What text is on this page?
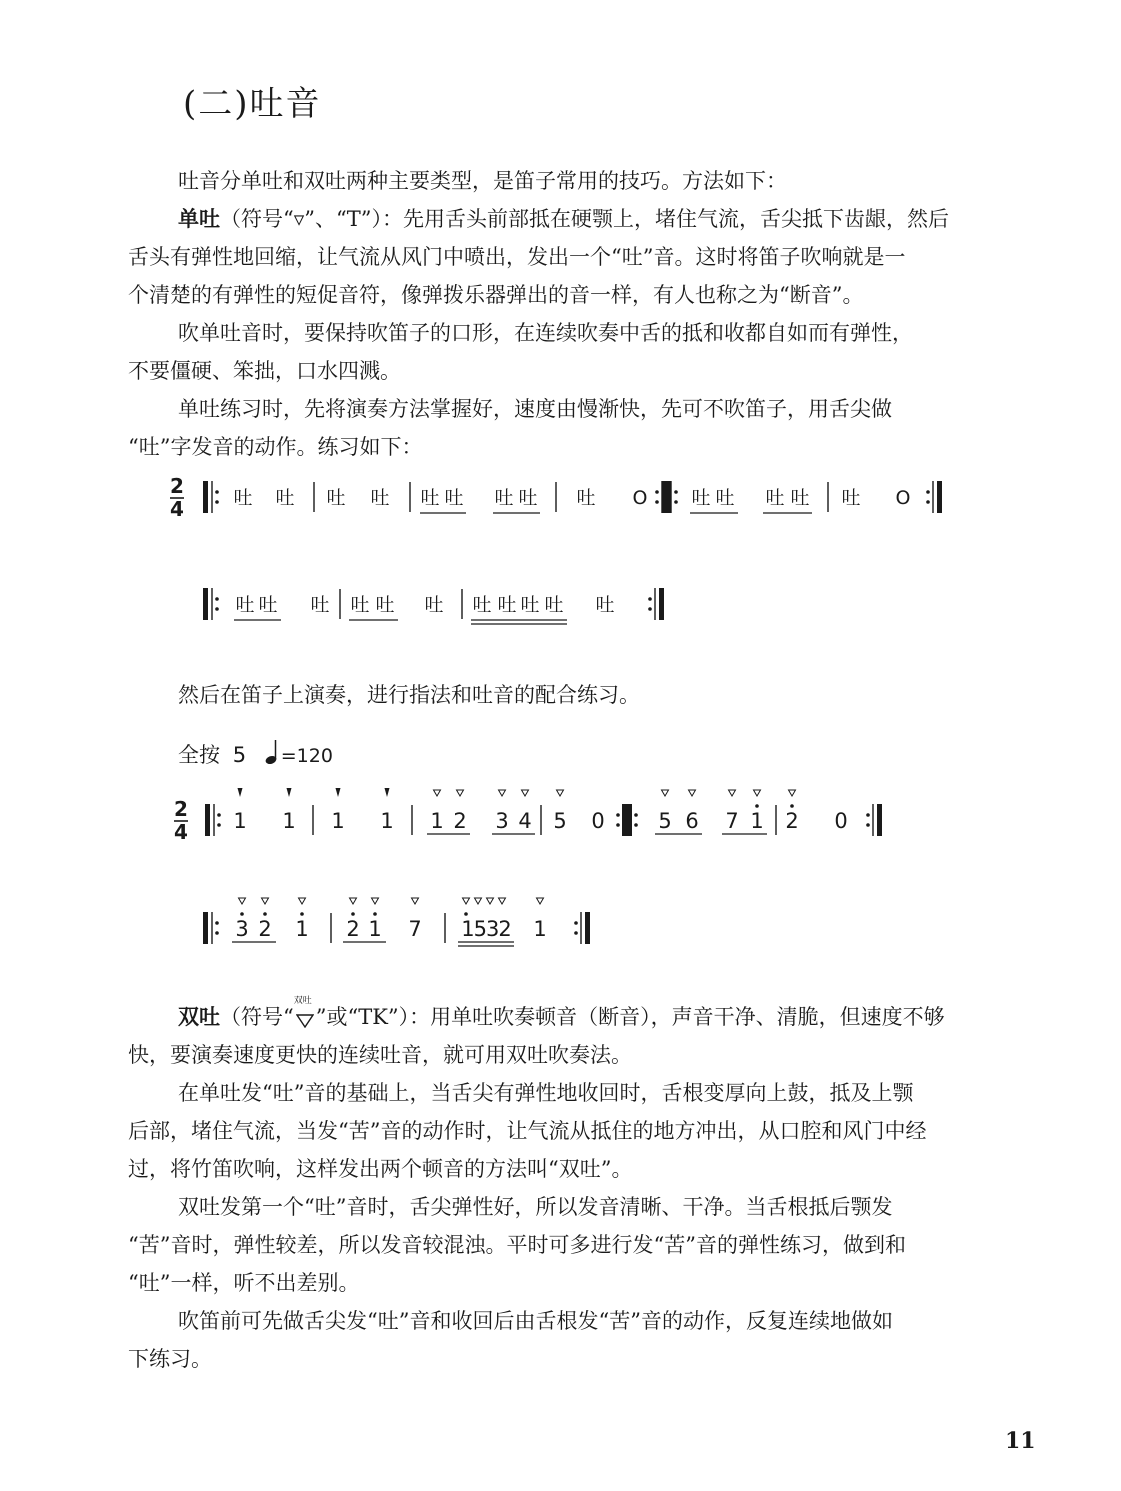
(二)吐音
吐音分单吐和双吐两种主要类型，是笛子常用的技巧。方法如下：
单吐（符号“▿”、“T”）：先用舌头前部抵在硬颚上，堵住气流，舌尖抵下齿龈，然后
舌头有弹性地回缩，让气流从风门中喷出，发出一个“吐”音。这时将笛子吹响就是一
个清楚的有弹性的短促音符，像弹拨乐器弹出的音一样，有人也称之为“断音”。
吹单吐音时，要保持吹笛子的口形，在连续吹奏中舌的抵和收都自如而有弹性，
不要僵硬、笨拙，口水四溅。
单吐练习时，先将演奏方法掌握好，速度由慢渐快，先可不吹笛子，用舌尖做
“吐”字发音的动作。练习如下：
然后在笛子上演奏，进行指法和吐音的配合练习。
双吐（符号“
双吐
”或“TK”）：用单吐吹奏顿音（断音），声音干净、清脆，但速度不够
快，要演奏速度更快的连续吐音，就可用双吐吹奏法。
在单吐发“吐”音的基础上，当舌尖有弹性地收回时，舌根变厚向上鼓，抵及上颚
后部，堵住气流，当发“苦”音的动作时，让气流从抵住的地方冲出，从口腔和风门中经
过，将竹笛吹响，这样发出两个顿音的方法叫“双吐”。
双吐发第一个“吐”音时，舌尖弹性好，所以发音清晰、干净。当舌根抵后颚发
“苦”音时，弹性较差，所以发音较混浊。平时可多进行发“苦”音的弹性练习，做到和
“吐”一样，听不出差别。
吹笛前可先做舌尖发“吐”音和收回后由舌根发“苦”音的动作，反复连续地做如
下练习。
11
2
4	吐 吐 吐 吐 吐 吐 吐 吐 吐 O 吐 吐 吐 吐 吐 O
吐 吐 吐 吐 吐 吐 吐 吐 吐 吐 吐
2
4 1 1 1 1 1 2 3 4 5 0	5 6 7 1 2 0
3 2 1 2 1 7 1532 1
全按 5 =120
